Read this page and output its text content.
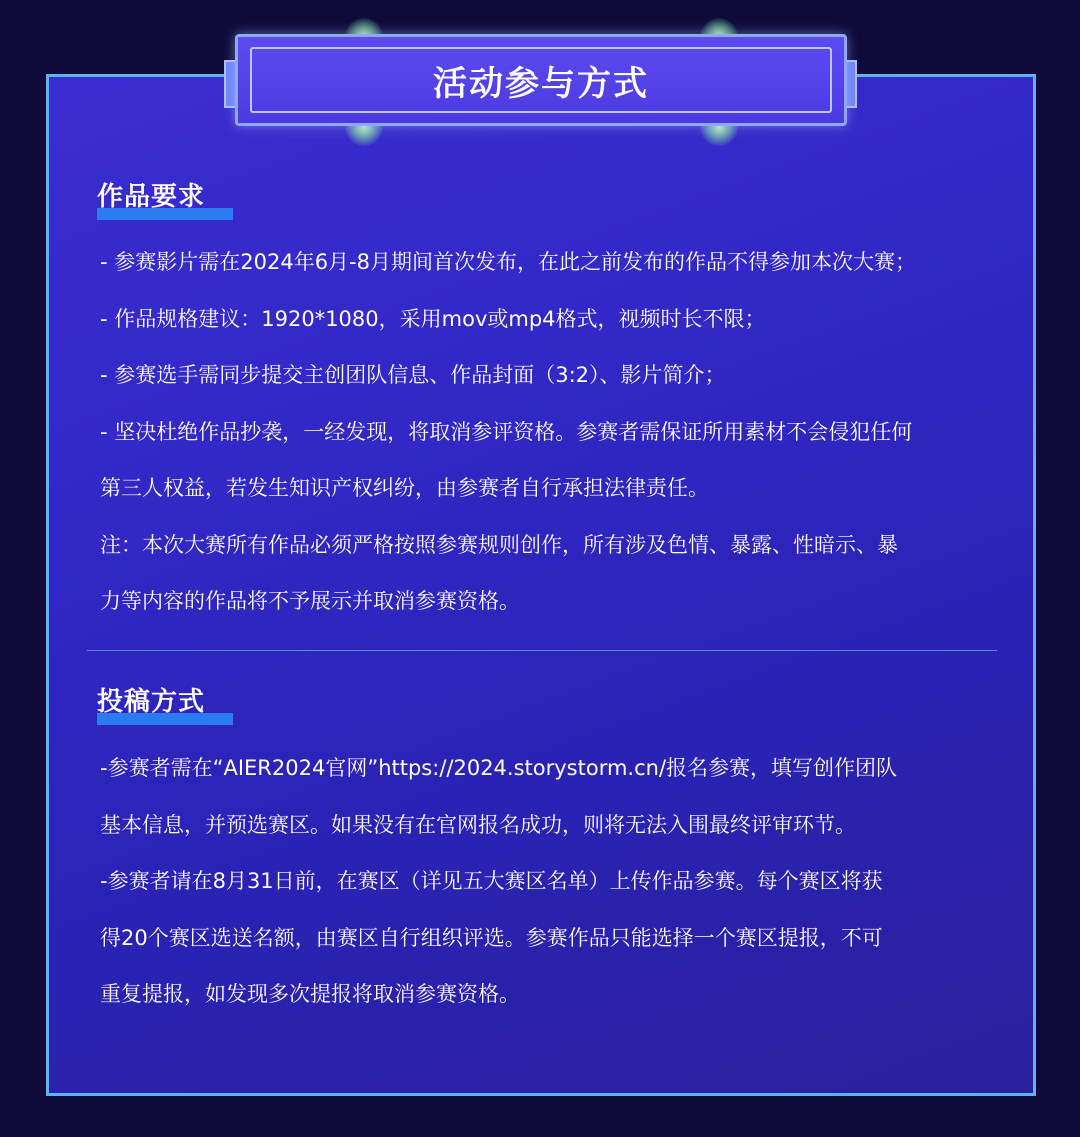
活动参与方式
作品要求

- 参赛影片需在2024年6月-8月期间首次发布，在此之前发布的作品不得参加本次大赛；

- 作品规格建议：1920*1080，采用mov或mp4格式，视频时长不限；

- 参赛选手需同步提交主创团队信息、作品封面（3:2）、影片简介；

- 坚决杜绝作品抄袭，一经发现，将取消参评资格。参赛者需保证所用素材不会侵犯任何

第三人权益，若发生知识产权纠纷，由参赛者自行承担法律责任。

注：本次大赛所有作品必须严格按照参赛规则创作，所有涉及色情、暴露、性暗示、暴

力等内容的作品将不予展示并取消参赛资格。

投稿方式

-参赛者需在“AIER2024官网”https://2024.storystorm.cn/报名参赛，填写创作团队

基本信息，并预选赛区。如果没有在官网报名成功，则将无法入围最终评审环节。

-参赛者请在8月31日前，在赛区（详见五大赛区名单）上传作品参赛。每个赛区将获

得20个赛区选送名额，由赛区自行组织评选。参赛作品只能选择一个赛区提报，不可

重复提报，如发现多次提报将取消参赛资格。
